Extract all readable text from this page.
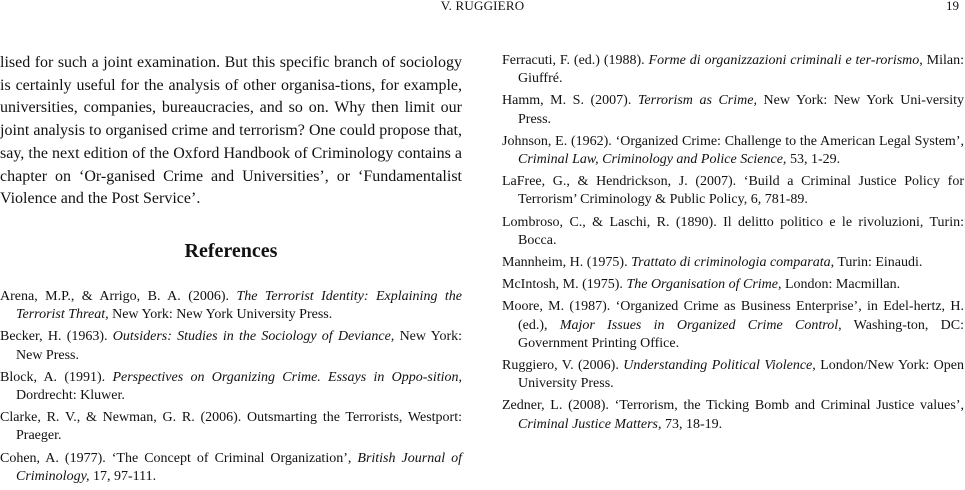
V. RUGGIERO	19

lised for such a joint examination. But this specific branch of sociology is certainly useful for the analysis of other organisa-tions, for example, universities, companies, bureaucracies, and so on. Why then limit our joint analysis to organised crime and terrorism? One could propose that, say, the next edition of the Oxford Handbook of Criminology contains a chapter on ‘Or-ganised Crime and Universities’, or ‘Fundamentalist Violence and the Post Service’.

References

Arena, M.P., & Arrigo, B. A. (2006). The Terrorist Identity: Explaining the Terrorist Threat, New York: New York University Press.

Becker, H. (1963). Outsiders: Studies in the Sociology of Deviance, New York: New Press.

Block, A. (1991). Perspectives on Organizing Crime. Essays in Oppo-sition, Dordrecht: Kluwer.

Clarke, R. V., & Newman, G. R. (2006). Outsmarting the Terrorists, Westport: Praeger.

Cohen, A. (1977). ‘The Concept of Criminal Organization’, British Journal of Criminology, 17, 97-111.

Ferracuti, F. (ed.) (1988). Forme di organizzazioni criminali e ter-rorismo, Milan: Giuffré.

Hamm, M. S. (2007). Terrorism as Crime, New York: New York Uni-versity Press.

Johnson, E. (1962). ‘Organized Crime: Challenge to the American Legal System’, Criminal Law, Criminology and Police Science, 53, 1-29.

LaFree, G., & Hendrickson, J. (2007). ‘Build a Criminal Justice Policy for Terrorism’ Criminology & Public Policy, 6, 781-89.

Lombroso, C., & Laschi, R. (1890). Il delitto politico e le rivoluzioni, Turin: Bocca.

Mannheim, H. (1975). Trattato di criminologia comparata, Turin: Einaudi.

McIntosh, M. (1975). The Organisation of Crime, London: Macmillan.

Moore, M. (1987). ‘Organized Crime as Business Enterprise’, in Edel-hertz, H. (ed.), Major Issues in Organized Crime Control, Washing-ton, DC: Government Printing Office.

Ruggiero, V. (2006). Understanding Political Violence, London/New York: Open University Press.

Zedner, L. (2008). ‘Terrorism, the Ticking Bomb and Criminal Justice values’, Criminal Justice Matters, 73, 18-19.
